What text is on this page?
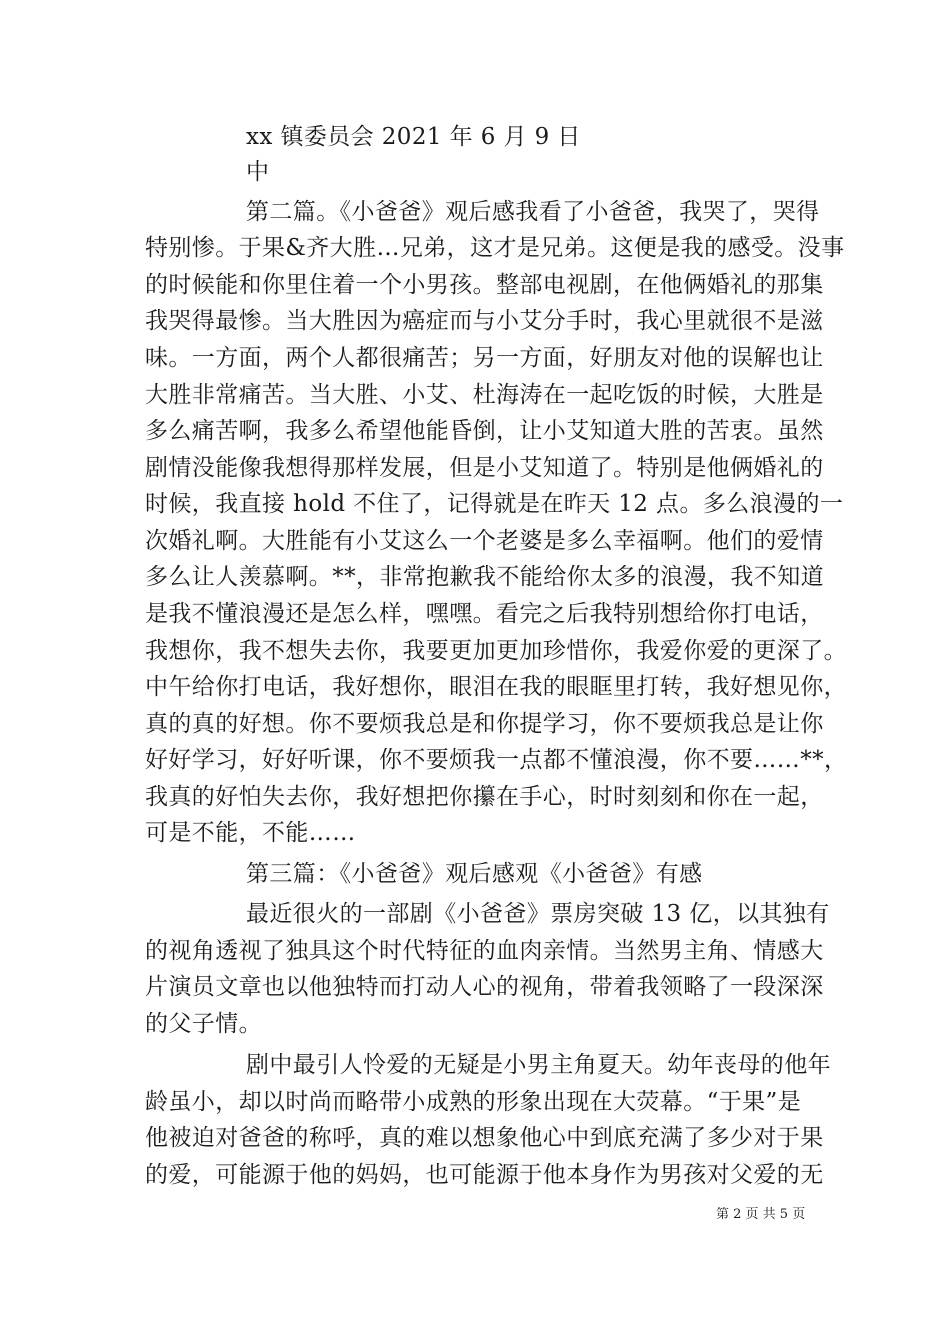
xx 镇委员会 2021 年 6 月 9 日
中
第二篇。《小爸爸》观后感我看了小爸爸，我哭了，哭得
特别惨。于果&齐大胜…兄弟，这才是兄弟。这便是我的感受。没事
的时候能和你里住着一个小男孩。整部电视剧，在他俩婚礼的那集
我哭得最惨。当大胜因为癌症而与小艾分手时，我心里就很不是滋
味。一方面，两个人都很痛苦；另一方面，好朋友对他的误解也让
大胜非常痛苦。当大胜、小艾、杜海涛在一起吃饭的时候，大胜是
多么痛苦啊，我多么希望他能昏倒，让小艾知道大胜的苦衷。虽然
剧情没能像我想得那样发展，但是小艾知道了。特别是他俩婚礼的
时候，我直接 hold 不住了，记得就是在昨天 12 点。多么浪漫的一
次婚礼啊。大胜能有小艾这么一个老婆是多么幸福啊。他们的爱情
多么让人羡慕啊。**，非常抱歉我不能给你太多的浪漫，我不知道
是我不懂浪漫还是怎么样，嘿嘿。看完之后我特别想给你打电话，
我想你，我不想失去你，我要更加更加珍惜你，我爱你爱的更深了。
中午给你打电话，我好想你，眼泪在我的眼眶里打转，我好想见你，
真的真的好想。你不要烦我总是和你提学习，你不要烦我总是让你
好好学习，好好听课，你不要烦我一点都不懂浪漫，你不要……**，
我真的好怕失去你，我好想把你攥在手心，时时刻刻和你在一起，
可是不能，不能……
第三篇：《小爸爸》观后感观《小爸爸》有感
最近很火的一部剧《小爸爸》票房突破 13 亿，以其独有
的视角透视了独具这个时代特征的血肉亲情。当然男主角、情感大
片演员文章也以他独特而打动人心的视角，带着我领略了一段深深
的父子情。
剧中最引人怜爱的无疑是小男主角夏天。幼年丧母的他年
龄虽小，却以时尚而略带小成熟的形象出现在大荧幕。“于果”是
他被迫对爸爸的称呼，真的难以想象他心中到底充满了多少对于果
的爱，可能源于他的妈妈，也可能源于他本身作为男孩对父爱的无
第 2 页 共 5 页
